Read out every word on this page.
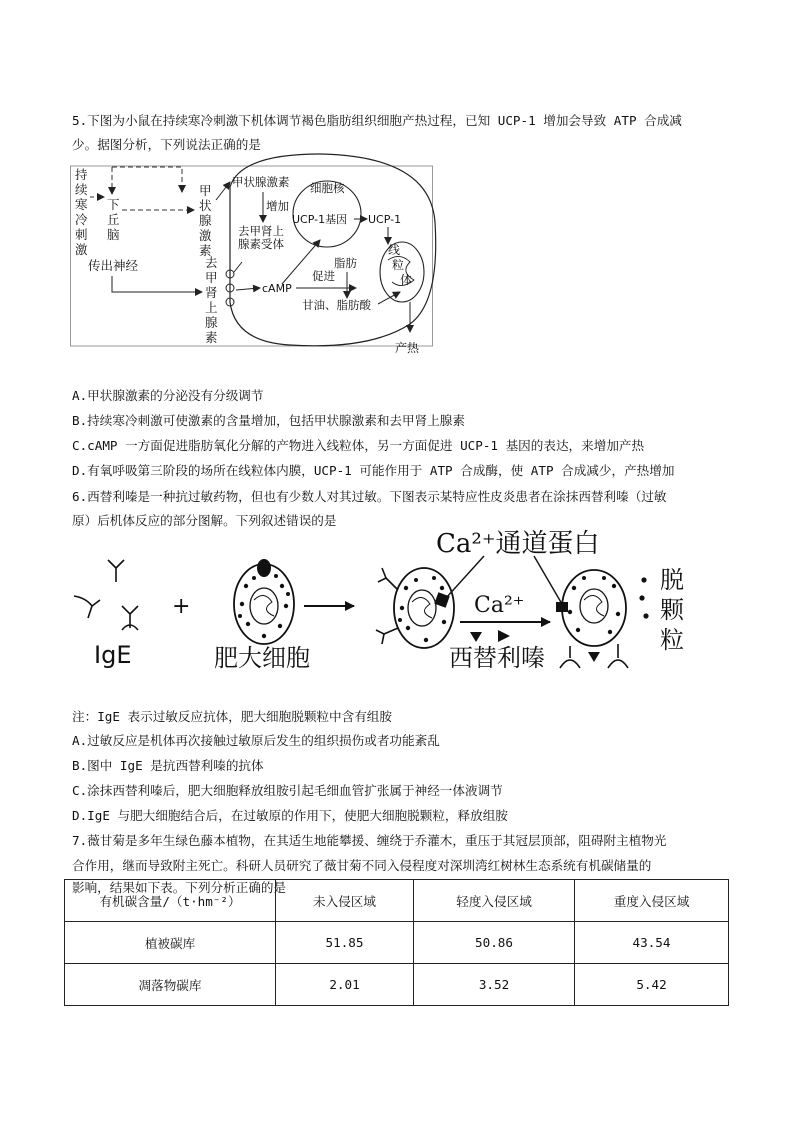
5.下图为小鼠在持续寒冷刺激下机体调节褐色脂肪组织细胞产热过程，已知 UCP-1 增加会导致 ATP 合成减
少。据图分析，下列说法正确的是
持 续 寒 冷 刺 激
下 丘 脑
传出神经
甲 状 腺 激 素
去 甲 肾 上 腺 素
甲状腺激素
增加
去甲肾上
腺素受体
细胞核
UCP-1基因 UCP-1
cAMP
促进
脂肪
甘油、脂肪酸
线 粒 体
产热
A.甲状腺激素的分泌没有分级调节
B.持续寒冷刺激可使激素的含量增加，包括甲状腺激素和去甲肾上腺素
C.cAMP 一方面促进脂肪氧化分解的产物进入线粒体，另一方面促进 UCP-1 基因的表达，来增加产热
D.有氧呼吸第三阶段的场所在线粒体内膜，UCP-1 可能作用于 ATP 合成酶，使 ATP 合成减少，产热增加
6.西替利嗪是一种抗过敏药物，但也有少数人对其过敏。下图表示某特应性皮炎患者在涂抹西替利嗪（过敏
原）后机体反应的部分图解。下列叙述错误的是
IgE
+
肥大细胞
Ca²⁺通道蛋白
Ca²⁺
西替利嗪
脱 颗 粒
注：IgE 表示过敏反应抗体，肥大细胞脱颗粒中含有组胺
A.过敏反应是机体再次接触过敏原后发生的组织损伤或者功能紊乱
B.图中 IgE 是抗西替利嗪的抗体
C.涂抹西替利嗪后，肥大细胞释放组胺引起毛细血管扩张属于神经一体液调节
D.IgE 与肥大细胞结合后，在过敏原的作用下，使肥大细胞脱颗粒，释放组胺
7.薇甘菊是多年生绿色藤本植物，在其适生地能攀援、缠绕于乔灌木，重压于其冠层顶部，阻碍附主植物光
合作用，继而导致附主死亡。科研人员研究了薇甘菊不同入侵程度对深圳湾红树林生态系统有机碳储量的
影响，结果如下表。下列分析正确的是
有机碳含量/（t·hm⁻²）	未入侵区域	轻度入侵区域	重度入侵区域
植被碳库	51.85	50.86	43.54
凋落物碳库	2.01	3.52	5.42
